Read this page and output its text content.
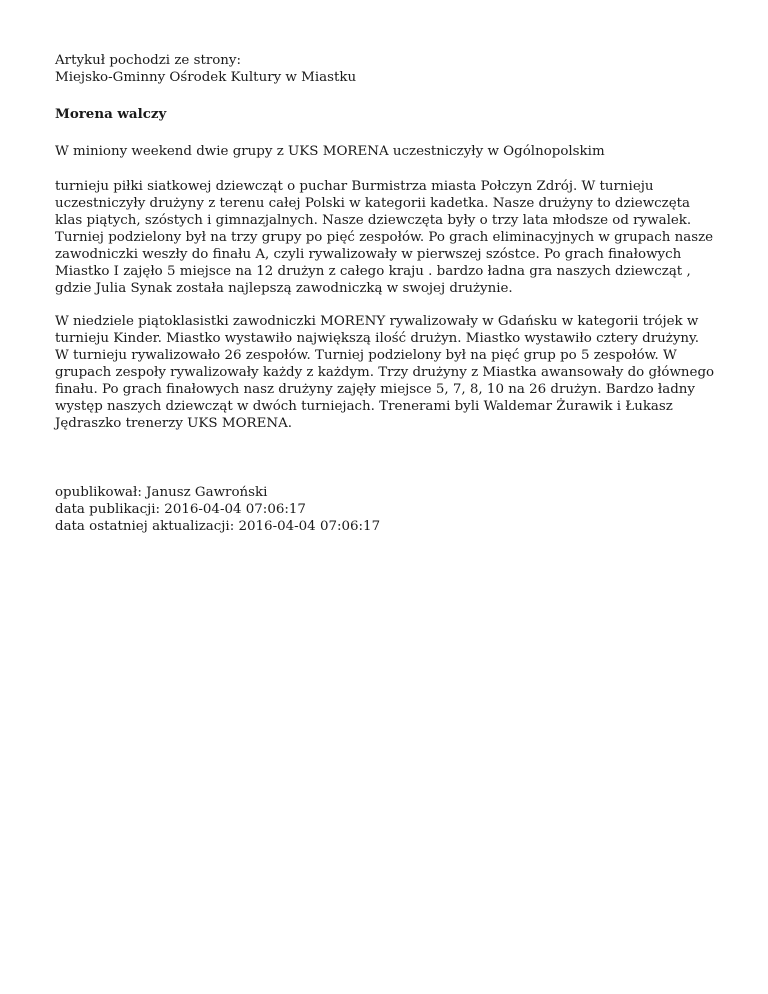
Artykuł pochodzi ze strony:

Miejsko-Gminny Ośrodek Kultury w Miastku

Morena walczy

W miniony weekend dwie grupy z UKS MORENA uczestniczyły w Ogólnopolskim

turnieju piłki siatkowej dziewcząt o puchar Burmistrza miasta Połczyn Zdrój. W turnieju uczestniczyły drużyny z terenu całej Polski w kategorii kadetka. Nasze drużyny to dziewczęta klas piątych, szóstych i gimnazjalnych. Nasze dziewczęta były o trzy lata młodsze od rywalek. Turniej podzielony był na trzy grupy po pięć zespołów. Po grach eliminacyjnych w grupach nasze zawodniczki weszły do finału A, czyli rywalizowały w pierwszej szóstce. Po grach finałowych Miastko I zajęło 5 miejsce na 12 drużyn z całego kraju . bardzo ładna gra naszych dziewcząt , gdzie Julia Synak została najlepszą zawodniczką w swojej drużynie.

W niedziele piątoklasistki zawodniczki MORENY rywalizowały w Gdańsku w kategorii trójek w turnieju Kinder. Miastko wystawiło największą ilość drużyn. Miastko wystawiło cztery drużyny. W turnieju rywalizowało 26 zespołów. Turniej podzielony był na pięć grup po 5 zespołów. W grupach zespoły rywalizowały każdy z każdym. Trzy drużyny z Miastka awansowały do głównego finału. Po grach finałowych nasz drużyny zajęły miejsce 5, 7, 8, 10 na 26 drużyn. Bardzo ładny występ naszych dziewcząt w dwóch turniejach. Trenerami byli Waldemar Żurawik i Łukasz Jędraszko trenerzy UKS MORENA.

opublikował: Janusz Gawroński

data publikacji: 2016-04-04 07:06:17

data ostatniej aktualizacji: 2016-04-04 07:06:17
